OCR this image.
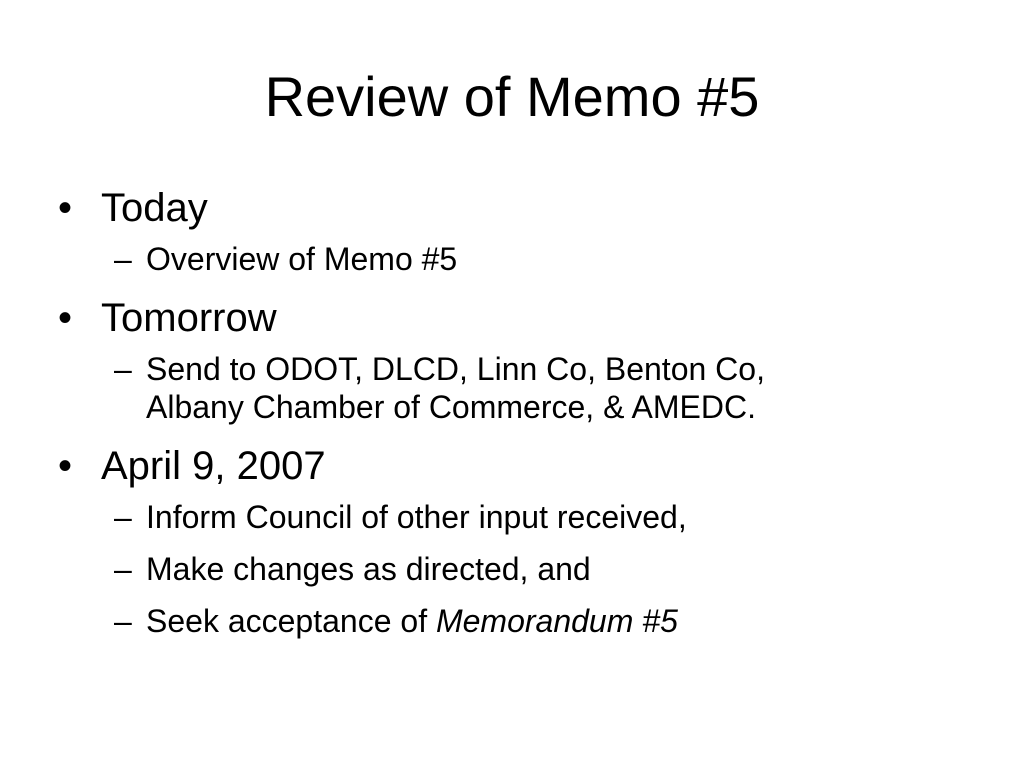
Review of Memo #5
• Today
– Overview of Memo #5
• Tomorrow
– Send to ODOT, DLCD, Linn Co, Benton Co,
Albany Chamber of Commerce, & AMEDC.
• April 9, 2007
– Inform Council of other input received,
– Make changes as directed, and
– Seek acceptance of Memorandum #5
